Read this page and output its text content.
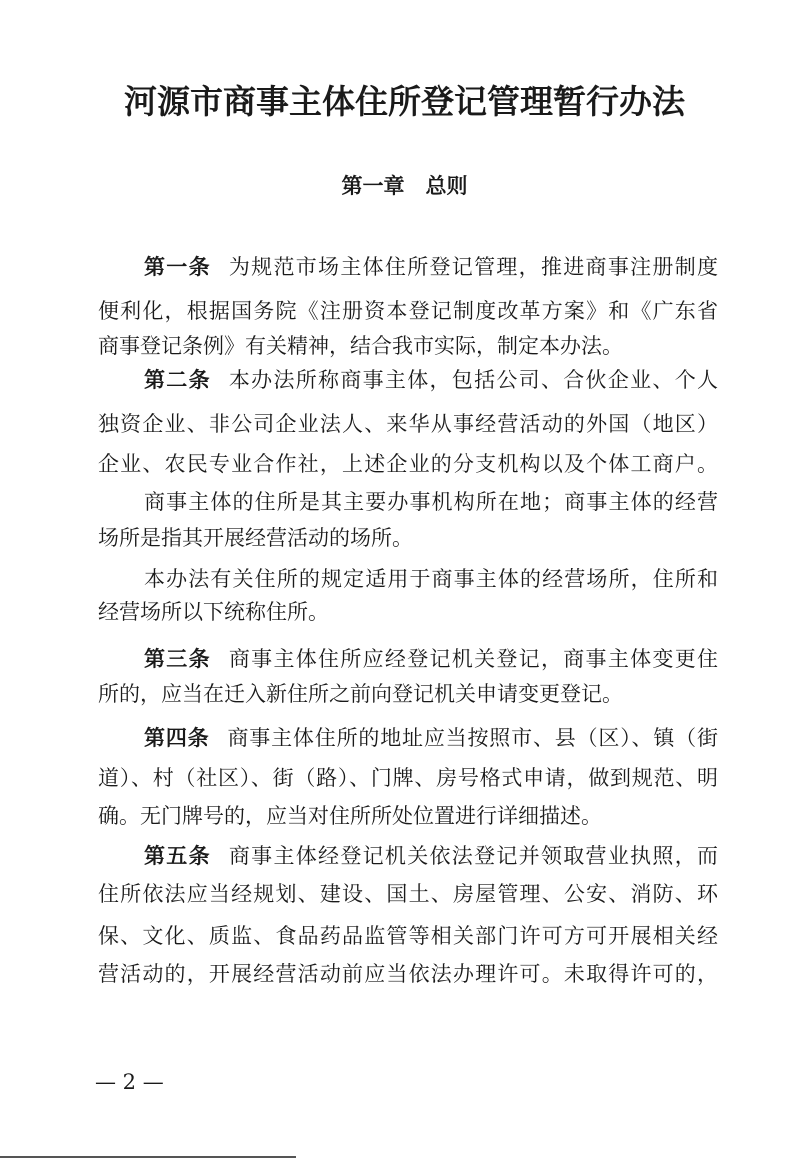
河源市商事主体住所登记管理暂行办法
第一章　总则
第一条 为规范市场主体住所登记管理，推进商事注册制度
便利化，根据国务院《注册资本登记制度改革方案》和《广东省
商事登记条例》有关精神，结合我市实际，制定本办法。
第二条 本办法所称商事主体，包括公司、合伙企业、个人
独资企业、非公司企业法人、来华从事经营活动的外国（地区）
企业、农民专业合作社，上述企业的分支机构以及个体工商户。
商事主体的住所是其主要办事机构所在地；商事主体的经营
场所是指其开展经营活动的场所。
本办法有关住所的规定适用于商事主体的经营场所，住所和
经营场所以下统称住所。
第三条 商事主体住所应经登记机关登记，商事主体变更住
所的，应当在迁入新住所之前向登记机关申请变更登记。
第四条 商事主体住所的地址应当按照市、县（区）、镇（街
道）、村（社区）、街（路）、门牌、房号格式申请，做到规范、明
确。无门牌号的，应当对住所所处位置进行详细描述。
第五条 商事主体经登记机关依法登记并领取营业执照，而
住所依法应当经规划、建设、国土、房屋管理、公安、消防、环
保、文化、质监、食品药品监管等相关部门许可方可开展相关经
营活动的，开展经营活动前应当依法办理许可。未取得许可的，
— 2 —
